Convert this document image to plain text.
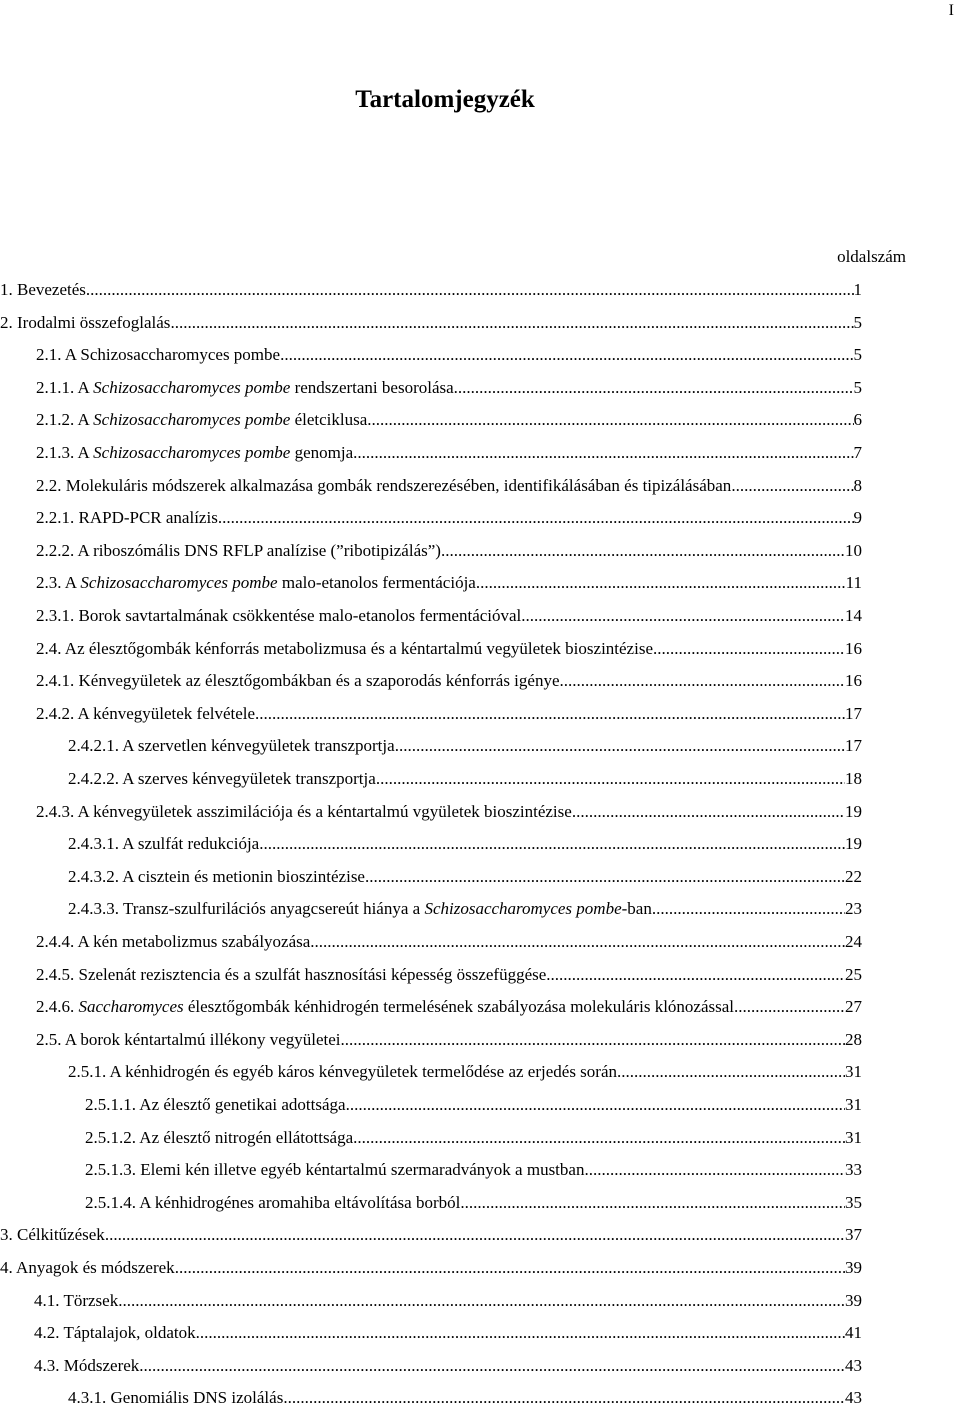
I
Tartalomjegyzék
oldalszám
1. Bevezetés .....	1
2. Irodalmi összefoglalás .....	5
2.1. A Schizosaccharomyces pombe .....	5
2.1.1. A Schizosaccharomyces pombe rendszertani besorolása .....	5
2.1.2. A Schizosaccharomyces pombe életciklusa .....	6
2.1.3. A Schizosaccharomyces pombe genomja .....	7
2.2. Molekuláris módszerek alkalmazása gombák rendszerezésében, identifikálásában és tipizálásában .....	8
2.2.1. RAPD-PCR analízis .....	9
2.2.2. A riboszómális DNS RFLP analízise (”ribotipizálás”) .....	10
2.3. A Schizosaccharomyces pombe malo-etanolos fermentációja .....	11
2.3.1. Borok savtartalmának csökkentése malo-etanolos fermentációval .....	14
2.4. Az élesztőgombák kénforrás metabolizmusa és a kéntartalmú vegyületek bioszintézise .....	16
2.4.1. Kénvegyületek az élesztőgombákban és a szaporodás kénforrás igénye .....	16
2.4.2. A kénvegyületek felvétele .....	17
2.4.2.1. A szervetlen kénvegyületek transzportja .....	17
2.4.2.2. A szerves kénvegyületek transzportja .....	18
2.4.3. A kénvegyületek asszimilációja és a kéntartalmú vgyületek bioszintézise .....	19
2.4.3.1. A szulfát redukciója .....	19
2.4.3.2. A cisztein és metionin bioszintézise .....	22
2.4.3.3. Transz-szulfurilációs anyagcsereút hiánya a Schizosaccharomyces pombe-ban .....	23
2.4.4. A kén metabolizmus szabályozása .....	24
2.4.5. Szelenát rezisztencia és a szulfát hasznosítási képesség összefüggése .....	25
2.4.6. Saccharomyces élesztőgombák kénhidrogén termelésének szabályozása molekuláris klónozással .....	27
2.5. A borok kéntartalmú illékony vegyületei .....	28
2.5.1. A kénhidrogén és egyéb káros kénvegyületek termelődése az erjedés során .....	31
2.5.1.1. Az élesztő genetikai adottsága .....	31
2.5.1.2. Az élesztő nitrogén ellátottsága .....	31
2.5.1.3. Elemi kén illetve egyéb kéntartalmú szermaradványok a mustban .....	33
2.5.1.4. A kénhidrogénes aromahiba eltávolítása borból .....	35
3. Célkitűzések .....	37
4. Anyagok és módszerek .....	39
4.1. Törzsek .....	39
4.2. Táptalajok, oldatok .....	41
4.3. Módszerek .....	43
4.3.1. Genomiális DNS izolálás .....	43
